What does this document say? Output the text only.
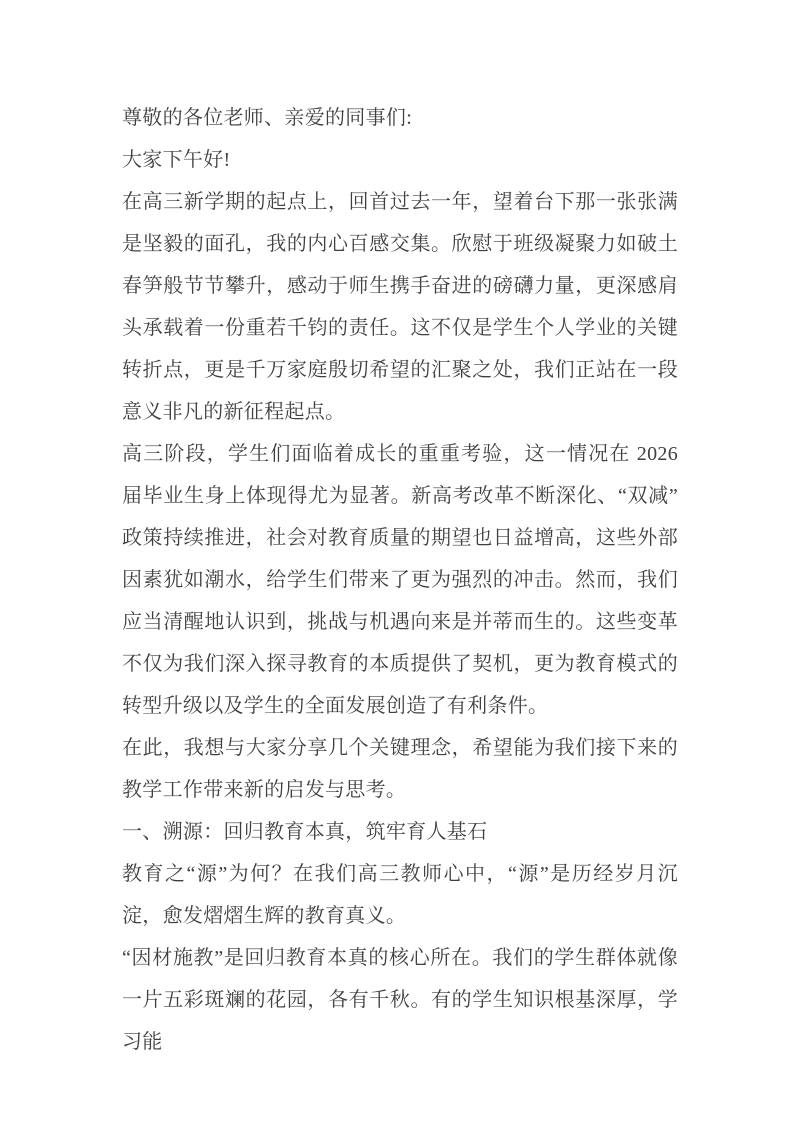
尊敬的各位老师、亲爱的同事们:

大家下午好!

在高三新学期的起点上，回首过去一年，望着台下那一张张满是坚毅的面孔，我的内心百感交集。欣慰于班级凝聚力如破土春笋般节节攀升，感动于师生携手奋进的磅礴力量，更深感肩头承载着一份重若千钧的责任。这不仅是学生个人学业的关键转折点，更是千万家庭殷切希望的汇聚之处，我们正站在一段意义非凡的新征程起点。

高三阶段，学生们面临着成长的重重考验，这一情况在 2026 届毕业生身上体现得尤为显著。新高考改革不断深化、“双减”政策持续推进，社会对教育质量的期望也日益增高，这些外部因素犹如潮水，给学生们带来了更为强烈的冲击。然而，我们应当清醒地认识到，挑战与机遇向来是并蒂而生的。这些变革不仅为我们深入探寻教育的本质提供了契机，更为教育模式的转型升级以及学生的全面发展创造了有利条件。

在此，我想与大家分享几个关键理念，希望能为我们接下来的教学工作带来新的启发与思考。

一、溯源：回归教育本真，筑牢育人基石

教育之“源”为何？在我们高三教师心中，“源”是历经岁月沉淀，愈发熠熠生辉的教育真义。

“因材施教”是回归教育本真的核心所在。我们的学生群体就像一片五彩斑斓的花园，各有千秋。有的学生知识根基深厚，学习能
